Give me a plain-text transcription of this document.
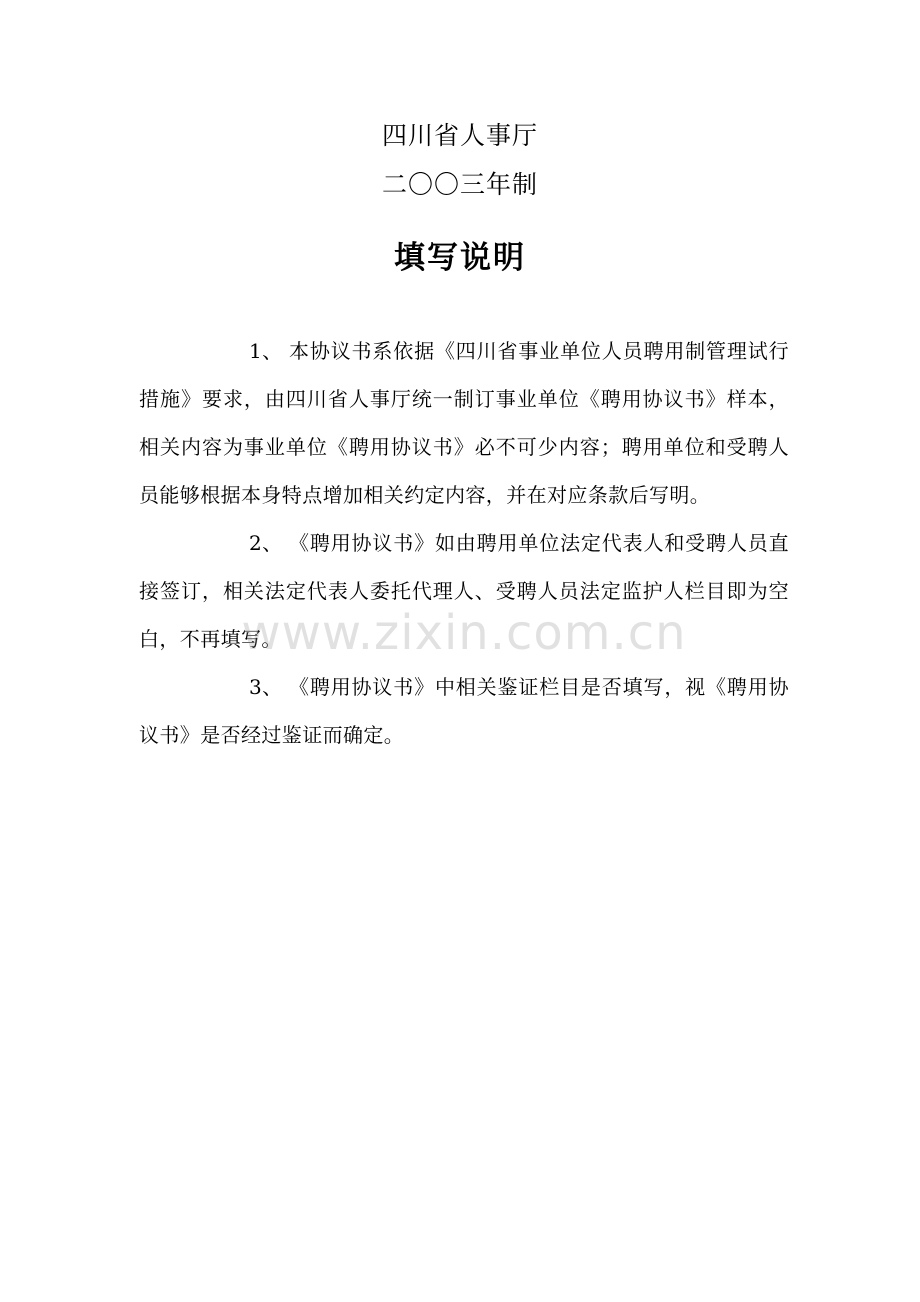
四川省人事厅

二〇〇三年制

填写说明

1、 本协议书系依据《四川省事业单位人员聘用制管理试行措施》要求，由四川省人事厅统一制订事业单位《聘用协议书》样本，相关内容为事业单位《聘用协议书》必不可少内容；聘用单位和受聘人员能够根据本身特点增加相关约定内容，并在对应条款后写明。

2、 《聘用协议书》如由聘用单位法定代表人和受聘人员直接签订，相关法定代表人委托代理人、受聘人员法定监护人栏目即为空白，不再填写。

3、 《聘用协议书》中相关鉴证栏目是否填写，视《聘用协议书》是否经过鉴证而确定。

www.zixin.com.cn
